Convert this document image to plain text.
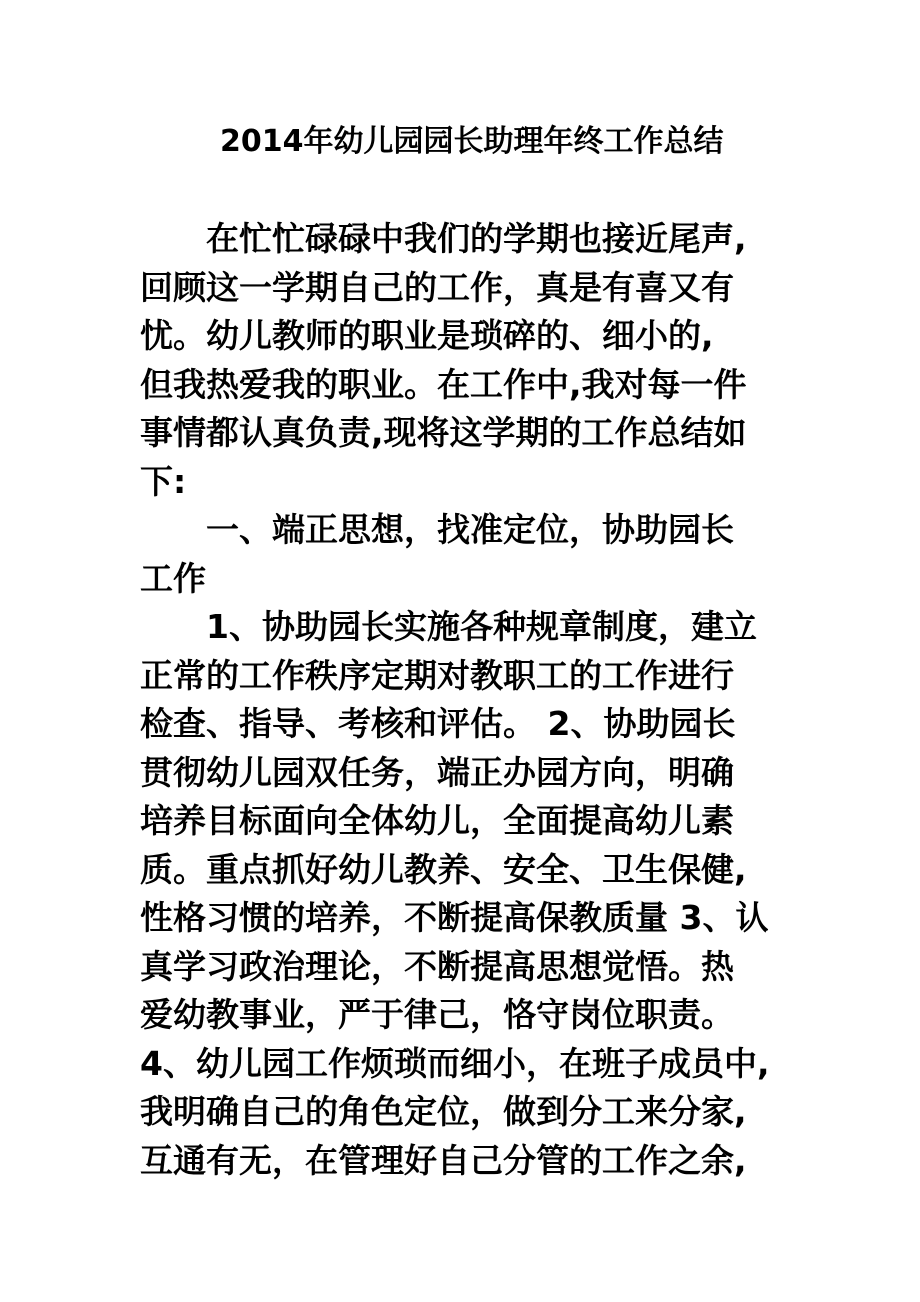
2014年幼儿园园长助理年终工作总结
在忙忙碌碌中我们的学期也接近尾声,
回顾这一学期自己的工作，真是有喜又有
忧。幼儿教师的职业是琐碎的、细小的,
但我热爱我的职业。在工作中,我对每一件
事情都认真负责,现将这学期的工作总结如
下:
一、端正思想，找准定位，协助园长
工作
1、协助园长实施各种规章制度，建立
正常的工作秩序定期对教职工的工作进行
检查、指导、考核和评估。 2、协助园长
贯彻幼儿园双任务，端正办园方向，明确
培养目标面向全体幼儿，全面提高幼儿素
质。重点抓好幼儿教养、安全、卫生保健,
性格习惯的培养，不断提高保教质量 3、认
真学习政治理论，不断提高思想觉悟。热
爱幼教事业，严于律己，恪守岗位职责。
4、幼儿园工作烦琐而细小，在班子成员中,
我明确自己的角色定位，做到分工来分家,
互通有无，在管理好自己分管的工作之余,
